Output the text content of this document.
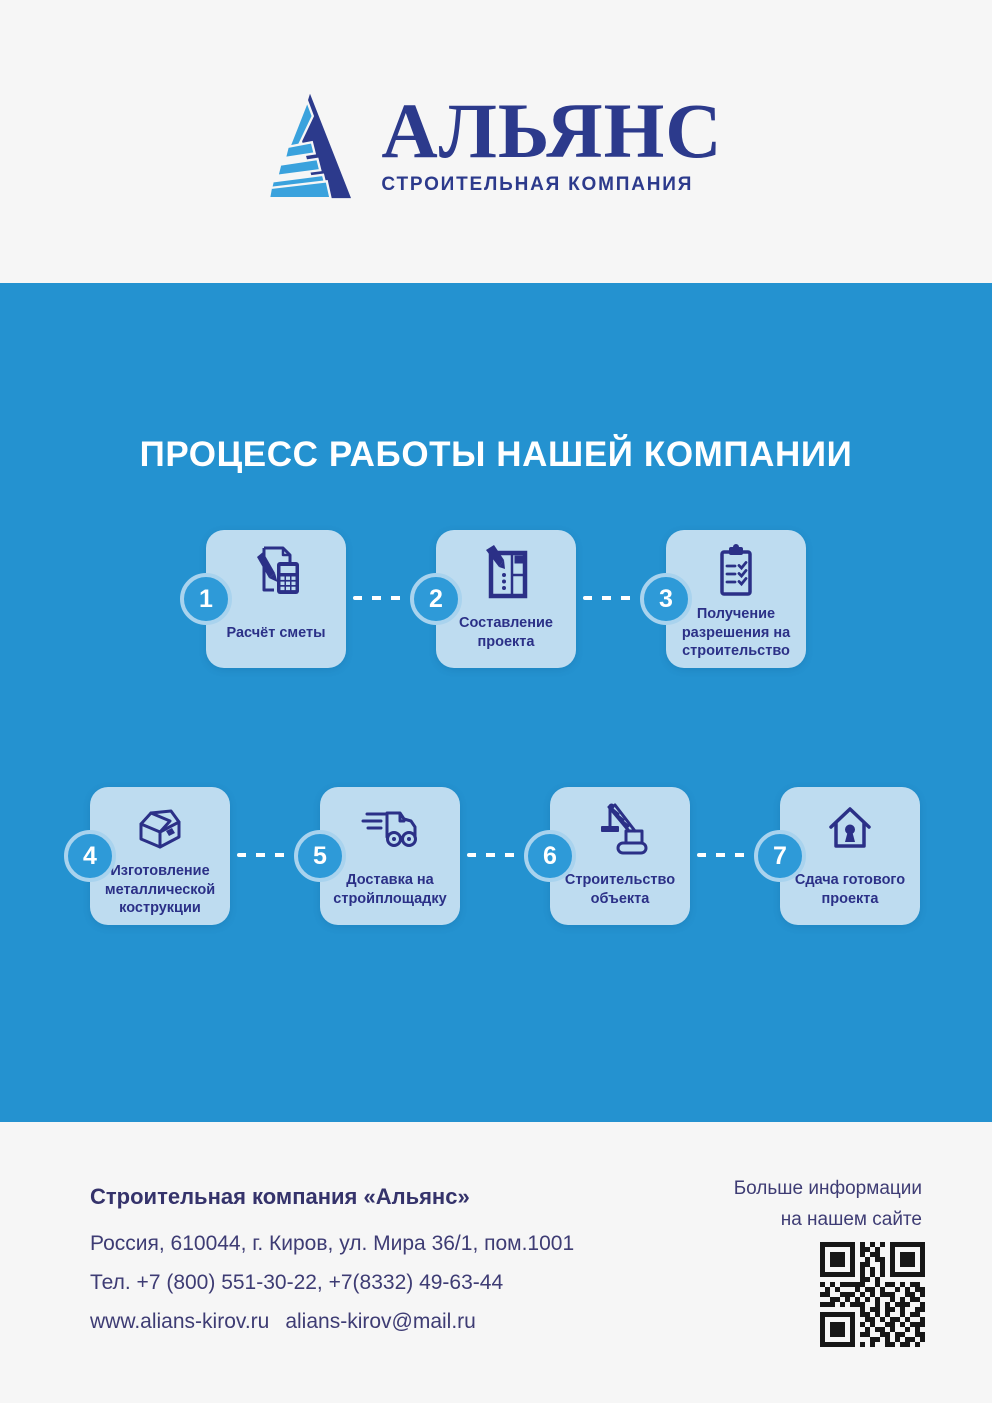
АЛЬЯНС
СТРОИТЕЛЬНАЯ КОМПАНИЯ
ПРОЦЕСС РАБОТЫ НАШЕЙ КОМПАНИИ
1
Расчёт сметы
2
Составление проекта
3
Получение разрешения на строительство
4
Изготовление металлической кострукции
5
Доставка на стройплощадку
6
Строительство объекта
7
Сдача готового проекта
Строительная компания «Альянс»
Россия, 610044, г. Киров, ул. Мира 36/1, пом.1001
Тел. +7 (800) 551-30-22, +7(8332) 49-63-44
www.alians-kirov.ru alians-kirov@mail.ru
Больше информации
на нашем сайте
